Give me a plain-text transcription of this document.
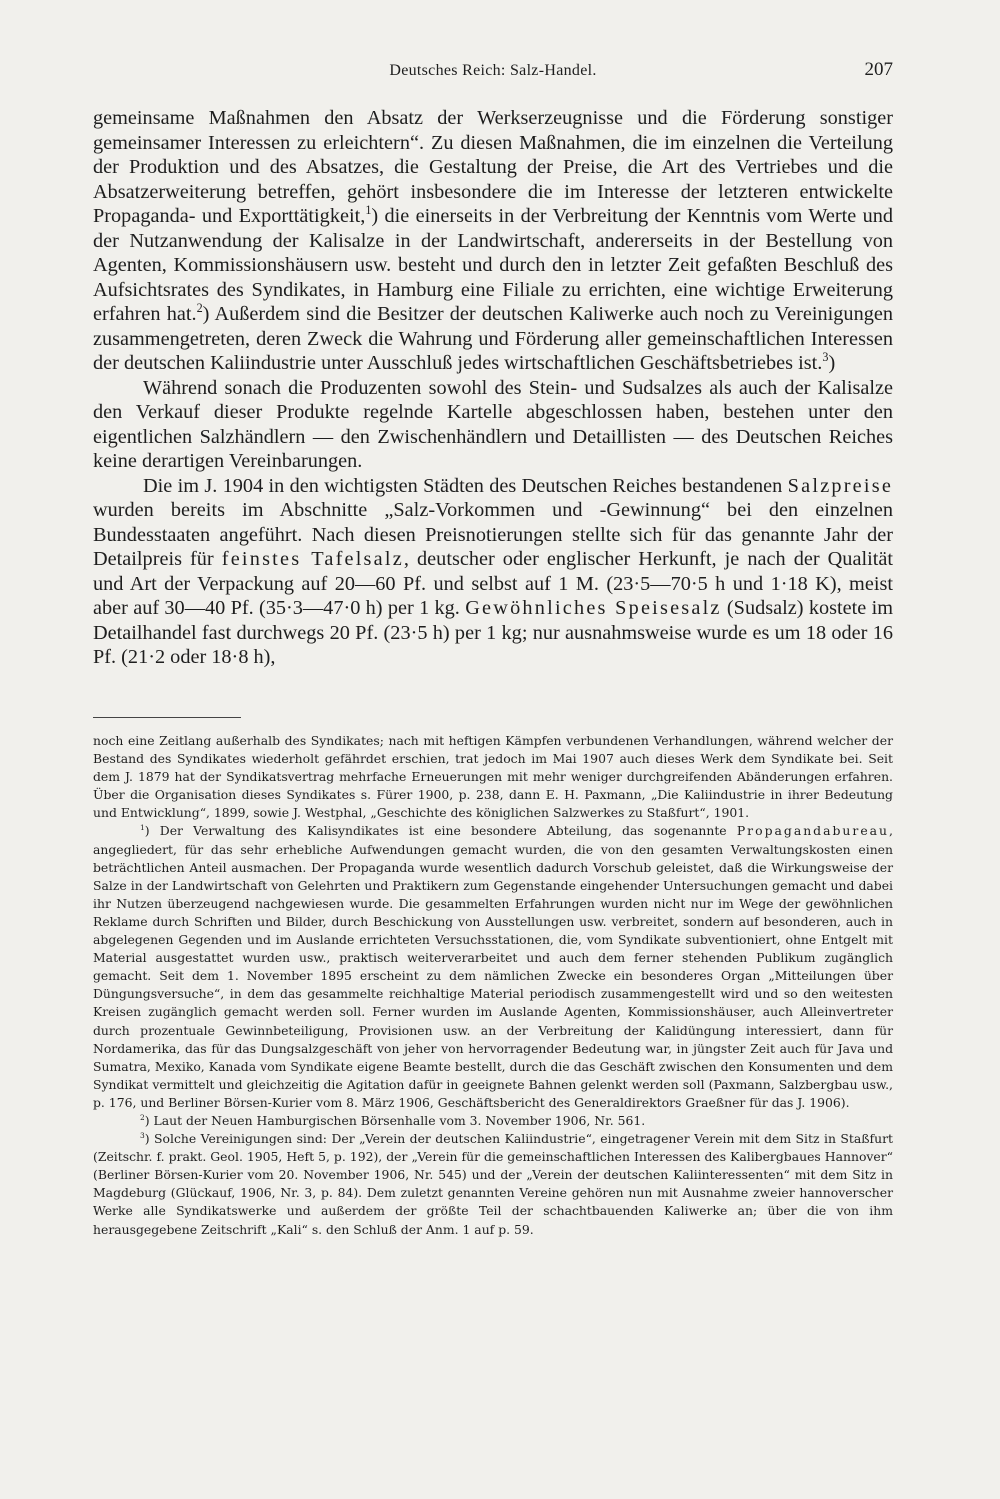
Deutsches Reich: Salz-Handel.	207

gemeinsame Maßnahmen den Absatz der Werkserzeugnisse und die Förderung sonstiger gemeinsamer Interessen zu erleichtern“. Zu diesen Maßnahmen, die im einzelnen die Verteilung der Produktion und des Absatzes, die Gestaltung der Preise, die Art des Vertriebes und die Absatzerweiterung betreffen, gehört insbesondere die im Interesse der letzteren entwickelte Propaganda- und Exporttätigkeit,$^1$) die einerseits in der Verbreitung der Kenntnis vom Werte und der Nutzanwendung der Kalisalze in der Landwirtschaft, andererseits in der Bestellung von Agenten, Kommissionshäusern usw. besteht und durch den in letzter Zeit gefaßten Beschluß des Aufsichtsrates des Syndikates, in Hamburg eine Filiale zu errichten, eine wichtige Erweiterung erfahren hat.$^2$) Außerdem sind die Besitzer der deutschen Kaliwerke auch noch zu Vereinigungen zusammengetreten, deren Zweck die Wahrung und Förderung aller gemeinschaftlichen Interessen der deutschen Kaliindustrie unter Ausschluß jedes wirtschaftlichen Geschäftsbetriebes ist.$^3$)

Während sonach die Produzenten sowohl des Stein- und Sudsalzes als auch der Kalisalze den Verkauf dieser Produkte regelnde Kartelle abgeschlossen haben, bestehen unter den eigentlichen Salzhändlern — den Zwischenhändlern und Detaillisten — des Deutschen Reiches keine derartigen Vereinbarungen.

Die im J. 1904 in den wichtigsten Städten des Deutschen Reiches bestandenen Salzpreise wurden bereits im Abschnitte „Salz-Vorkommen und -Gewinnung“ bei den einzelnen Bundesstaaten angeführt. Nach diesen Preisnotierungen stellte sich für das genannte Jahr der Detailpreis für feinstes Tafelsalz, deutscher oder englischer Herkunft, je nach der Qualität und Art der Verpackung auf 20—60 Pf. und selbst auf 1 M. (23·5—70·5 h und 1·18 K), meist aber auf 30—40 Pf. (35·3—47·0 h) per 1 kg. Gewöhnliches Speisesalz (Sudsalz) kostete im Detailhandel fast durchwegs 20 Pf. (23·5 h) per 1 kg; nur ausnahmsweise wurde es um 18 oder 16 Pf. (21·2 oder 18·8 h),

noch eine Zeitlang außerhalb des Syndikates; nach mit heftigen Kämpfen verbundenen Verhandlungen, während welcher der Bestand des Syndikates wiederholt gefährdet erschien, trat jedoch im Mai 1907 auch dieses Werk dem Syndikate bei. Seit dem J. 1879 hat der Syndikatsvertrag mehrfache Erneuerungen mit mehr weniger durchgreifenden Abänderungen erfahren. Über die Organisation dieses Syndikates s. Fürer 1900, p. 238, dann E. H. Paxmann, „Die Kaliindustrie in ihrer Bedeutung und Entwicklung“, 1899, sowie J. Westphal, „Geschichte des königlichen Salzwerkes zu Staßfurt“, 1901.

$^1$) Der Verwaltung des Kalisyndikates ist eine besondere Abteilung, das sogenannte Propagandabureau, angegliedert, für das sehr erhebliche Aufwendungen gemacht wurden, die von den gesamten Verwaltungskosten einen beträchtlichen Anteil ausmachen. Der Propaganda wurde wesentlich dadurch Vorschub geleistet, daß die Wirkungsweise der Salze in der Landwirtschaft von Gelehrten und Praktikern zum Gegenstande eingehender Untersuchungen gemacht und dabei ihr Nutzen überzeugend nachgewiesen wurde. Die gesammelten Erfahrungen wurden nicht nur im Wege der gewöhnlichen Reklame durch Schriften und Bilder, durch Beschickung von Ausstellungen usw. verbreitet, sondern auf besonderen, auch in abgelegenen Gegenden und im Auslande errichteten Versuchsstationen, die, vom Syndikate subventioniert, ohne Entgelt mit Material ausgestattet wurden usw., praktisch weiterverarbeitet und auch dem ferner stehenden Publikum zugänglich gemacht. Seit dem 1. November 1895 erscheint zu dem nämlichen Zwecke ein besonderes Organ „Mitteilungen über Düngungsversuche“, in dem das gesammelte reichhaltige Material periodisch zusammengestellt wird und so den weitesten Kreisen zugänglich gemacht werden soll. Ferner wurden im Auslande Agenten, Kommissionshäuser, auch Alleinvertreter durch prozentuale Gewinnbeteiligung, Provisionen usw. an der Verbreitung der Kalidüngung interessiert, dann für Nordamerika, das für das Dungsalzgeschäft von jeher von hervorragender Bedeutung war, in jüngster Zeit auch für Java und Sumatra, Mexiko, Kanada vom Syndikate eigene Beamte bestellt, durch die das Geschäft zwischen den Konsumenten und dem Syndikat vermittelt und gleichzeitig die Agitation dafür in geeignete Bahnen gelenkt werden soll (Paxmann, Salzbergbau usw., p. 176, und Berliner Börsen-Kurier vom 8. März 1906, Geschäftsbericht des Generaldirektors Graeßner für das J. 1906).

$^2$) Laut der Neuen Hamburgischen Börsenhalle vom 3. November 1906, Nr. 561.

$^3$) Solche Vereinigungen sind: Der „Verein der deutschen Kaliindustrie“, eingetragener Verein mit dem Sitz in Staßfurt (Zeitschr. f. prakt. Geol. 1905, Heft 5, p. 192), der „Verein für die gemeinschaftlichen Interessen des Kalibergbaues Hannover“ (Berliner Börsen-Kurier vom 20. November 1906, Nr. 545) und der „Verein der deutschen Kaliinteressenten“ mit dem Sitz in Magdeburg (Glückauf, 1906, Nr. 3, p. 84). Dem zuletzt genannten Vereine gehören nun mit Ausnahme zweier hannoverscher Werke alle Syndikatswerke und außerdem der größte Teil der schachtbauenden Kaliwerke an; über die von ihm herausgegebene Zeitschrift „Kali“ s. den Schluß der Anm. 1 auf p. 59.
